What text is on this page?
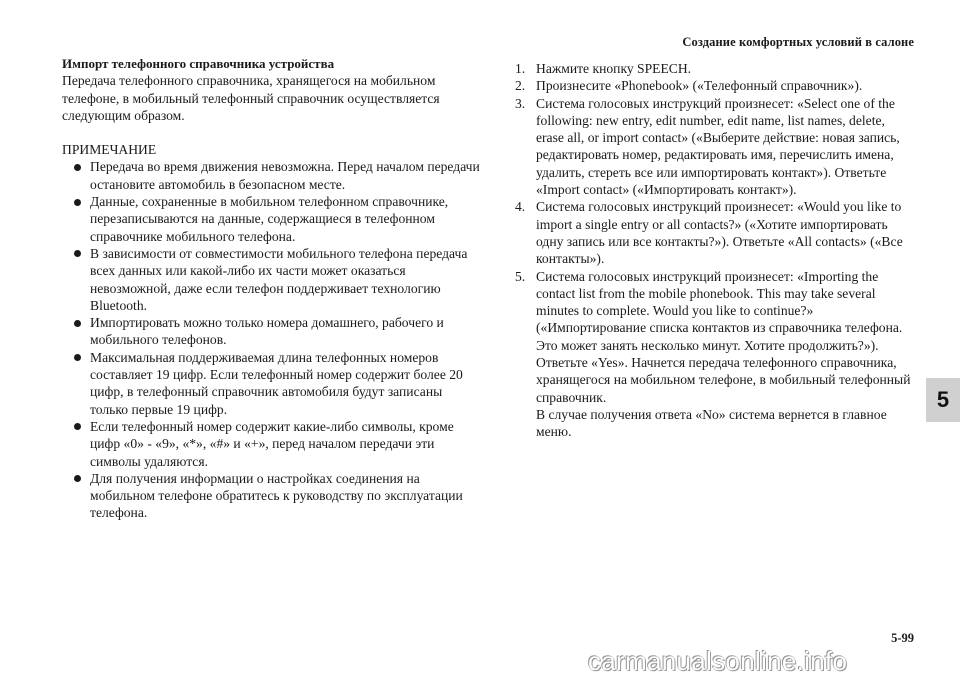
Создание комфортных условий в салоне
Импорт телефонного справочника устройства

Передача телефонного справочника, хранящегося на мобильном телефоне, в мобильный телефонный справочник осуществляется следующим образом.

ПРИМЕЧАНИЕ
Передача во время движения невозможна. Перед началом передачи остановите автомобиль в безопасном месте.
Данные, сохраненные в мобильном телефонном справочнике, перезаписываются на данные, содержащиеся в телефонном справочнике мобильного телефона.
В зависимости от совместимости мобильного телефона передача всех данных или какой-либо их части может оказаться невозможной, даже если телефон поддерживает технологию Bluetooth.
Импортировать можно только номера домашнего, рабочего и мобильного телефонов.
Максимальная поддерживаемая длина телефонных номеров составляет 19 цифр. Если телефонный номер содержит более 20 цифр, в телефонный справочник автомобиля будут записаны только первые 19 цифр.
Если телефонный номер содержит какие-либо символы, кроме цифр «0» - «9», «*», «#» и «+», перед началом передачи эти символы удаляются.
Для получения информации о настройках соединения на мобильном телефоне обратитесь к руководству по эксплуатации телефона.
1. Нажмите кнопку SPEECH.
2. Произнесите «Phonebook» («Телефонный справочник»).
3. Система голосовых инструкций произнесет: «Select one of the following: new entry, edit number, edit name, list names, delete, erase all, or import contact» («Выберите действие: новая запись, редактировать номер, редактировать имя, перечислить имена, удалить, стереть все или импортировать контакт»). Ответьте «Import contact» («Импортировать контакт»).
4. Система голосовых инструкций произнесет: «Would you like to import a single entry or all contacts?» («Хотите импортировать одну запись или все контакты?»). Ответьте «All contacts» («Все контакты»).
5. Система голосовых инструкций произнесет: «Importing the contact list from the mobile phonebook. This may take several minutes to complete. Would you like to continue?» («Импортирование списка контактов из справочника телефона. Это может занять несколько минут. Хотите продолжить?»). Ответьте «Yes». Начнется передача телефонного справочника, хранящегося на мобильном телефоне, в мобильный телефонный справочник.
В случае получения ответа «No» система вернется в главное меню.
5
5-99
carmanualsonline.info
